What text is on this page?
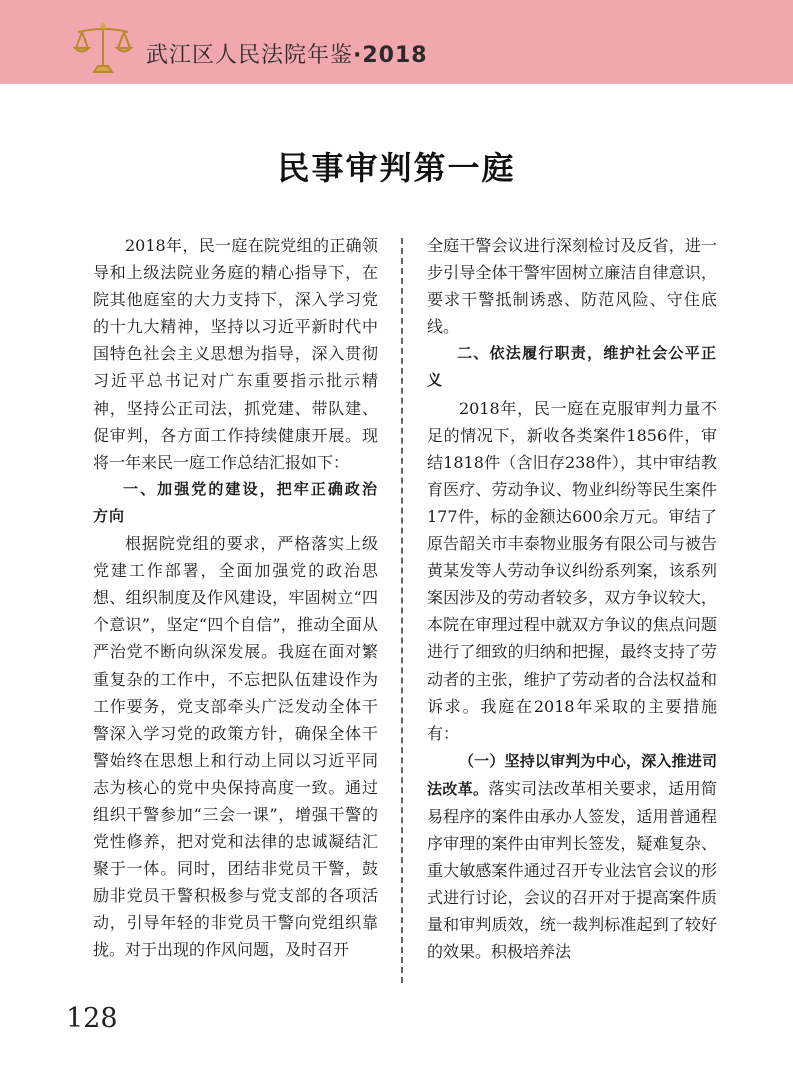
武江区人民法院年鉴·2018
民事审判第一庭

2018年，民一庭在院党组的正确领导和上级法院业务庭的精心指导下，在院其他庭室的大力支持下，深入学习党的十九大精神，坚持以习近平新时代中国特色社会主义思想为指导，深入贯彻习近平总书记对广东重要指示批示精神，坚持公正司法，抓党建、带队建、促审判，各方面工作持续健康开展。现将一年来民一庭工作总结汇报如下：

一、加强党的建设，把牢正确政治方向

根据院党组的要求，严格落实上级党建工作部署，全面加强党的政治思想、组织制度及作风建设，牢固树立“四个意识”，坚定“四个自信”，推动全面从严治党不断向纵深发展。我庭在面对繁重复杂的工作中，不忘把队伍建设作为工作要务，党支部牵头广泛发动全体干警深入学习党的政策方针，确保全体干警始终在思想上和行动上同以习近平同志为核心的党中央保持高度一致。通过组织干警参加“三会一课”，增强干警的党性修养，把对党和法律的忠诚凝结汇聚于一体。同时，团结非党员干警，鼓励非党员干警积极参与党支部的各项活动，引导年轻的非党员干警向党组织靠拢。对于出现的作风问题，及时召开

全庭干警会议进行深刻检讨及反省，进一步引导全体干警牢固树立廉洁自律意识，要求干警抵制诱惑、防范风险、守住底线。

二、依法履行职责，维护社会公平正义

2018年，民一庭在克服审判力量不足的情况下，新收各类案件1856件，审结1818件（含旧存238件），其中审结教育医疗、劳动争议、物业纠纷等民生案件177件，标的金额达600余万元。审结了原告韶关市丰泰物业服务有限公司与被告黄某发等人劳动争议纠纷系列案，该系列案因涉及的劳动者较多，双方争议较大，本院在审理过程中就双方争议的焦点问题进行了细致的归纳和把握，最终支持了劳动者的主张，维护了劳动者的合法权益和诉求。我庭在2018年采取的主要措施有：

（一）坚持以审判为中心，深入推进司法改革。落实司法改革相关要求，适用简易程序的案件由承办人签发，适用普通程序审理的案件由审判长签发，疑难复杂、重大敏感案件通过召开专业法官会议的形式进行讨论，会议的召开对于提高案件质量和审判质效，统一裁判标准起到了较好的效果。积极培养法

128
